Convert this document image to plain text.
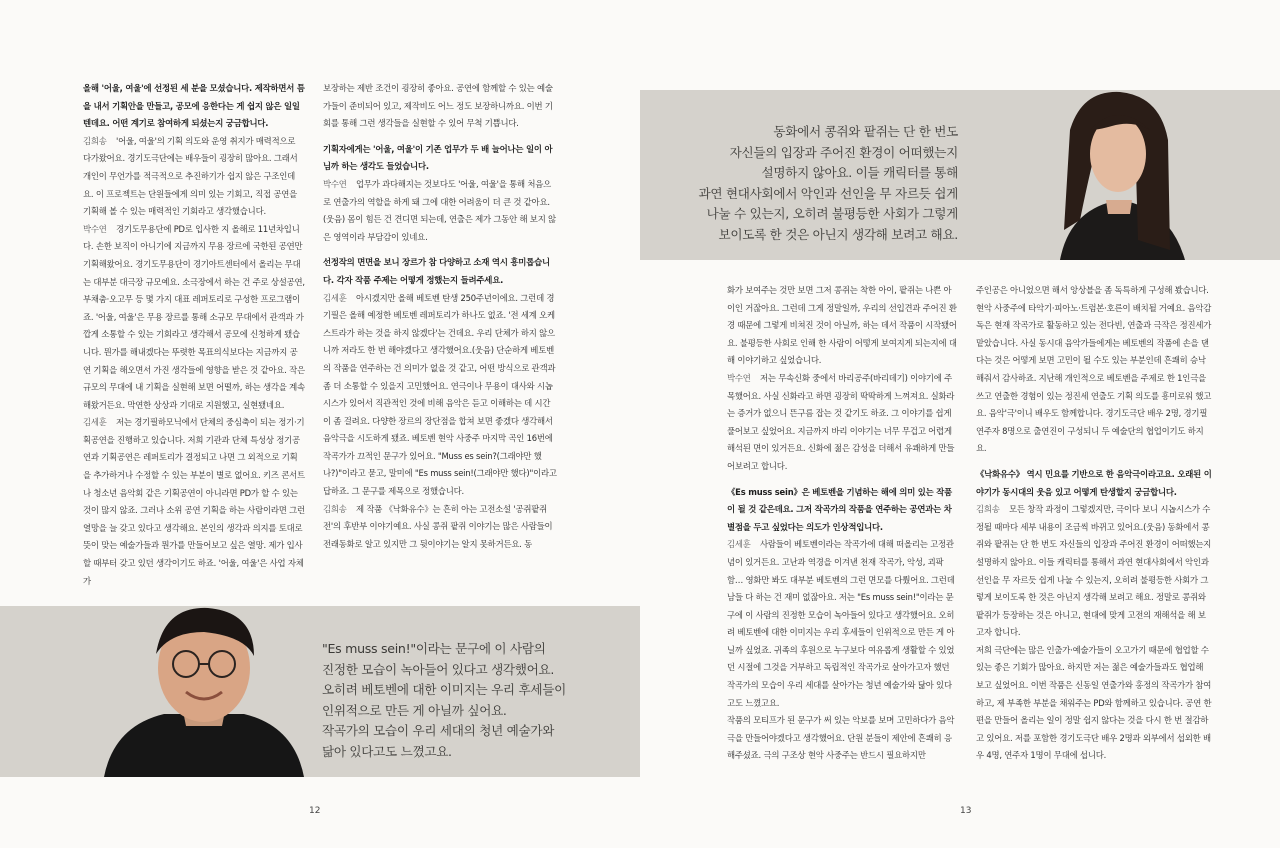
올해 '어울, 여울'에 선정된 세 분을 모셨습니다. 제작하면서 틈을 내서 기획안을 만들고, 공모에 응한다는 게 쉽지 않은 일일 텐데요. 어떤 계기로 참여하게 되셨는지 궁금합니다.

김희송 '어울, 여울'의 기획 의도와 운영 취지가 매력적으로 다가왔어요. 경기도극단에는 배우들이 굉장히 많아요. 그래서 개인이 무언가를 적극적으로 추진하기가 쉽지 않은 구조인데요. 이 프로젝트는 단원들에게 의미 있는 기회고, 직접 공연을 기획해 볼 수 있는 매력적인 기회라고 생각했습니다.

박수연 경기도무용단에 PD로 입사한 지 올해로 11년차입니다. 손한 보직이 아니기에 지금까지 무용 장르에 국한된 공연만 기획해왔어요. 경기도무용단이 경기아트센터에서 올리는 무대는 대부분 대극장 규모예요. 소극장에서 하는 건 주로 상설공연, 부채춤·오고무 등 몇 가지 대표 레퍼토리로 구성한 프로그램이죠. '어울, 여울'은 무용 장르를 통해 소규모 무대에서 관객과 가깝게 소통할 수 있는 기회라고 생각해서 공모에 신청하게 됐습니다. 뭔가를 해내겠다는 뚜렷한 목표의식보다는 지금까지 공연 기획을 해오면서 가진 생각들에 영향을 받은 것 같아요. 작은 규모의 무대에 내 기획을 실현해 보면 어떨까, 하는 생각을 계속 해왔거든요. 막연한 상상과 기대로 지원했고, 실현됐네요.

김세훈 저는 경기필하모닉에서 단체의 중심축이 되는 정기·기획공연을 진행하고 있습니다. 저희 기관과 단체 특성상 정기공연과 기획공연은 레퍼토리가 결정되고 나면 그 외적으로 기획을 추가하거나 수정할 수 있는 부분이 별로 없어요. 키즈 콘서트나 청소년 음악회 같은 기획공연이 아니라면 PD가 할 수 있는 것이 많지 않죠. 그러나 소위 공연 기획을 하는 사람이라면 그런 열망을 늘 갖고 있다고 생각해요. 본인의 생각과 의지를 토대로 뜻이 맞는 예술가들과 뭔가를 만들어보고 싶은 열망. 제가 입사할 때부터 갖고 있던 생각이기도 하죠. '어울, 여울'은 사업 자체가

보장하는 제반 조건이 굉장히 좋아요. 공연에 함께할 수 있는 예술가들이 준비되어 있고, 제작비도 어느 정도 보장하니까요. 이번 기회를 통해 그런 생각들을 실현할 수 있어 무척 기쁩니다.

기획자에게는 '어울, 여울'이 기존 업무가 두 배 늘어나는 일이 아님까 하는 생각도 들었습니다.

박수연 업무가 과다해지는 것보다도 '어울, 여울'을 통해 처음으로 연출가의 역할을 하게 돼 그에 대한 어려움이 더 큰 것 같아요.(웃음) 몸이 힘든 건 견디면 되는데, 연출은 제가 그동안 해 보지 않은 영역이라 부담감이 있네요.

선정작의 면면을 보니 장르가 참 다양하고 소재 역시 흥미롭습니다. 각자 작품 주제는 어떻게 정했는지 들려주세요.

김세훈 아시겠지만 올해 베토벤 탄생 250주년이에요. 그런데 경기필은 올해 예정한 베토벤 레퍼토리가 하나도 없죠. '전 세계 오케스트라가 하는 것을 하지 않겠다'는 건데요. 우리 단체가 하지 않으니까 저라도 한 번 해야겠다고 생각했어요.(웃음) 단순하게 베토벤의 작품을 연주하는 건 의미가 없을 것 같고, 어떤 방식으로 관객과 좀 더 소통할 수 있을지 고민했어요. 연극이나 무용이 대사와 시놉시스가 있어서 직관적인 것에 비해 음악은 듣고 이해하는 데 시간이 좀 걸려요. 다양한 장르의 장단점을 합쳐 보면 좋겠다 생각해서 음악극을 시도하게 됐죠. 베토벤 현악 사중주 마지막 곡인 16번에 작곡가가 끄적인 문구가 있어요. "Muss es sein?(그래야만 했나?)"이라고 묻고, 말미에 "Es muss sein!(그래야만 했다)"이라고 답하죠. 그 문구를 제목으로 정했습니다.

김희송 제 작품 《낙화유수》는 흔히 아는 고전소설 '공쥐팥쥐전'의 후반부 이야기예요. 사실 콩쥐 팥쥐 이야기는 많은 사람들이 전래동화로 알고 있지만 그 뒷이야기는 알지 못하거든요. 동

"Es muss sein!"이라는 문구에 이 사람의
진정한 모습이 녹아들어 있다고 생각했어요.
오히려 베토벤에 대한 이미지는 우리 후세들이
인위적으로 만든 게 아닐까 싶어요.
작곡가의 모습이 우리 세대의 청년 예술가와
닮아 있다고도 느꼈고요.
12
동화에서 콩쥐와 팥쥐는 단 한 번도
자신들의 입장과 주어진 환경이 어떠했는지
설명하지 않아요. 이들 캐릭터를 통해
과연 현대사회에서 악인과 선인을 무 자르듯 쉽게
나눌 수 있는지, 오히려 불평등한 사회가 그렇게
보이도록 한 것은 아닌지 생각해 보려고 해요.

화가 보여주는 것만 보면 그저 콩쥐는 착한 아이, 팥쥐는 나쁜 아이인 거잖아요. 그런데 그게 정말일까, 우리의 선입견과 주어진 환경 때문에 그렇게 비쳐진 것이 아닐까, 하는 데서 작품이 시작됐어요. 불평등한 사회로 인해 한 사람이 어떻게 보여지게 되는지에 대해 이야기하고 싶었습니다.

박수연 저는 무속신화 중에서 바리공주(바리데기) 이야기에 주목했어요. 사실 신화라고 하면 굉장히 딱딱하게 느껴져요. 실화라는 증거가 없으니 뜬구름 잡는 것 같기도 하죠. 그 이야기를 쉽게 풀어보고 싶었어요. 지금까지 바리 이야기는 너무 무겁고 어렵게 해석된 면이 있거든요. 신화에 젊은 감성을 더해서 유쾌하게 만들어보려고 합니다.

《Es muss sein》은 베토벤을 기념하는 해에 의미 있는 작품이 될 것 같은데요. 그저 작곡가의 작품을 연주하는 공연과는 차별점을 두고 싶었다는 의도가 인상적입니다.

김세훈 사람들이 베토벤이라는 작곡가에 대해 떠올리는 고정관념이 있거든요. 고난과 역경을 이겨낸 천재 작곡가, 악성, 괴팍함… 영화만 봐도 대부분 베토벤의 그런 면모를 다뤘어요. 그런데 남들 다 하는 건 재미 없잖아요. 저는 "Es muss sein!"이라는 문구에 이 사람의 진정한 모습이 녹아들어 있다고 생각했어요. 오히려 베토벤에 대한 이미지는 우리 후세들이 인위적으로 만든 게 아닐까 싶었죠. 귀족의 후원으로 누구보다 여유롭게 생활할 수 있었던 시절에 그것을 거부하고 독립적인 작곡가로 살아가고자 했던 작곡가의 모습이 우리 세대를 살아가는 청년 예술가와 닮아 있다고도 느꼈고요.

작품의 모티프가 된 문구가 써 있는 악보를 보며 고민하다가 음악극을 만들어야겠다고 생각했어요. 단원 분들이 제안에 흔쾌히 응해주셨죠. 극의 구조상 현악 사중주는 반드시 필요하지만

주인공은 아니었으면 해서 앙상블을 좀 독특하게 구성해 봤습니다. 현악 사중주에 타악기·피아노·트럼본·호른이 배치될 거예요. 음악감독은 현재 작곡가로 활동하고 있는 전다빈, 연출과 극작은 정진세가 맡았습니다. 사실 동시대 음악가들에게는 베토벤의 작품에 손을 댄다는 것은 어떻게 보면 고민이 될 수도 있는 부분인데 흔쾌히 승낙해줘서 감사하죠. 지난해 개인적으로 베토벤을 주제로 한 1인극을 쓰고 연출한 경험이 있는 정진세 연출도 기획 의도를 흥미로워 했고요. 음악'극'이니 배우도 함께합니다. 경기도극단 배우 2명, 경기필 연주자 8명으로 출연진이 구성되니 두 예술단의 협업이기도 하지요.

《낙화유수》 역시 민요를 기반으로 한 음악극이라고요. 오래된 이야기가 동시대의 웃음 있고 어떻게 탄생할지 궁금합니다.

김희송 모든 창작 과정이 그렇겠지만, 극이다 보니 시놉시스가 수정될 때마다 세부 내용이 조금씩 바뀌고 있어요.(웃음) 동화에서 콩쥐와 팥쥐는 단 한 번도 자신들의 입장과 주어진 환경이 어떠했는지 설명하지 않아요. 이들 캐릭터를 통해서 과연 현대사회에서 악인과 선인을 무 자르듯 쉽게 나눌 수 있는지, 오히려 불평등한 사회가 그렇게 보이도록 한 것은 아닌지 생각해 보려고 해요. 정말로 콩쥐와 팥쥐가 등장하는 것은 아니고, 현대에 맞게 고전의 재해석을 해 보고자 합니다.

저희 극단에는 많은 인출가·예술가들이 오고가기 때문에 협업할 수 있는 좋은 기회가 많아요. 하지만 저는 젊은 예술가들과도 협업해 보고 싶었어요. 이번 작품은 신동일 연출가와 홍정의 작곡가가 참여하고, 제 부족한 부분을 채워주는 PD와 함께하고 있습니다. 공연 한 편을 만들어 올리는 일이 정말 쉽지 않다는 것을 다시 한 번 절감하고 있어요. 저를 포함한 경기도극단 배우 2명과 외부에서 섭외한 배우 4명, 연주자 1명이 무대에 섭니다.

13
